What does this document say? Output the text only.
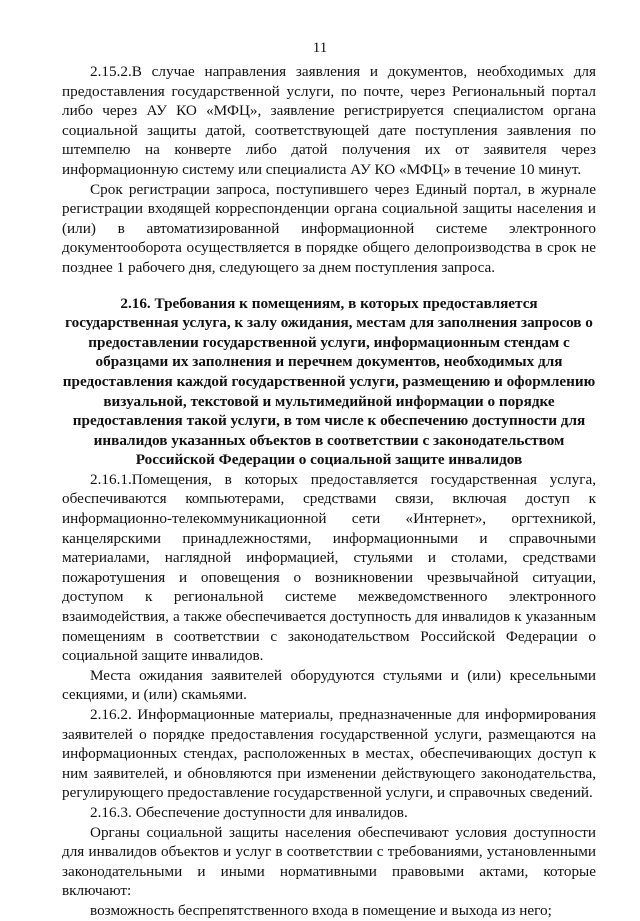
11

2.15.2.В случае направления заявления и документов, необходимых для предоставления государственной услуги, по почте, через Региональный портал либо через АУ КО «МФЦ», заявление регистрируется специалистом органа социальной защиты датой, соответствующей дате поступления заявления по штемпелю на конверте либо датой получения их от заявителя через информационную систему или специалиста АУ КО «МФЦ» в течение 10 минут.

Срок регистрации запроса, поступившего через Единый портал, в журнале регистрации входящей корреспонденции органа социальной защиты населения и (или) в автоматизированной информационной системе электронного документооборота осуществляется в порядке общего делопроизводства в срок не позднее 1 рабочего дня, следующего за днем поступления запроса.

2.16. Требования к помещениям, в которых предоставляется государственная услуга, к залу ожидания, местам для заполнения запросов о предоставлении государственной услуги, информационным стендам с образцами их заполнения и перечнем документов, необходимых для предоставления каждой государственной услуги, размещению и оформлению визуальной, текстовой и мультимедийной информации о порядке предоставления такой услуги, в том числе к обеспечению доступности для инвалидов указанных объектов в соответствии с законодательством Российской Федерации о социальной защите инвалидов

2.16.1.Помещения, в которых предоставляется государственная услуга, обеспечиваются компьютерами, средствами связи, включая доступ к информационно-телекоммуникационной сети «Интернет», оргтехникой, канцелярскими принадлежностями, информационными и справочными материалами, наглядной информацией, стульями и столами, средствами пожаротушения и оповещения о возникновении чрезвычайной ситуации, доступом к региональной системе межведомственного электронного взаимодействия, а также обеспечивается доступность для инвалидов к указанным помещениям в соответствии с законодательством Российской Федерации о социальной защите инвалидов.

Места ожидания заявителей оборудуются стульями и (или) кресельными секциями, и (или) скамьями.

2.16.2. Информационные материалы, предназначенные для информирования заявителей о порядке предоставления государственной услуги, размещаются на информационных стендах, расположенных в местах, обеспечивающих доступ к ним заявителей, и обновляются при изменении действующего законодательства, регулирующего предоставление государственной услуги, и справочных сведений.

2.16.3. Обеспечение доступности для инвалидов.

Органы социальной защиты населения обеспечивают условия доступности для инвалидов объектов и услуг в соответствии с требованиями, установленными законодательными и иными нормативными правовыми актами, которые включают:

возможность беспрепятственного входа в помещение и выхода из него;
